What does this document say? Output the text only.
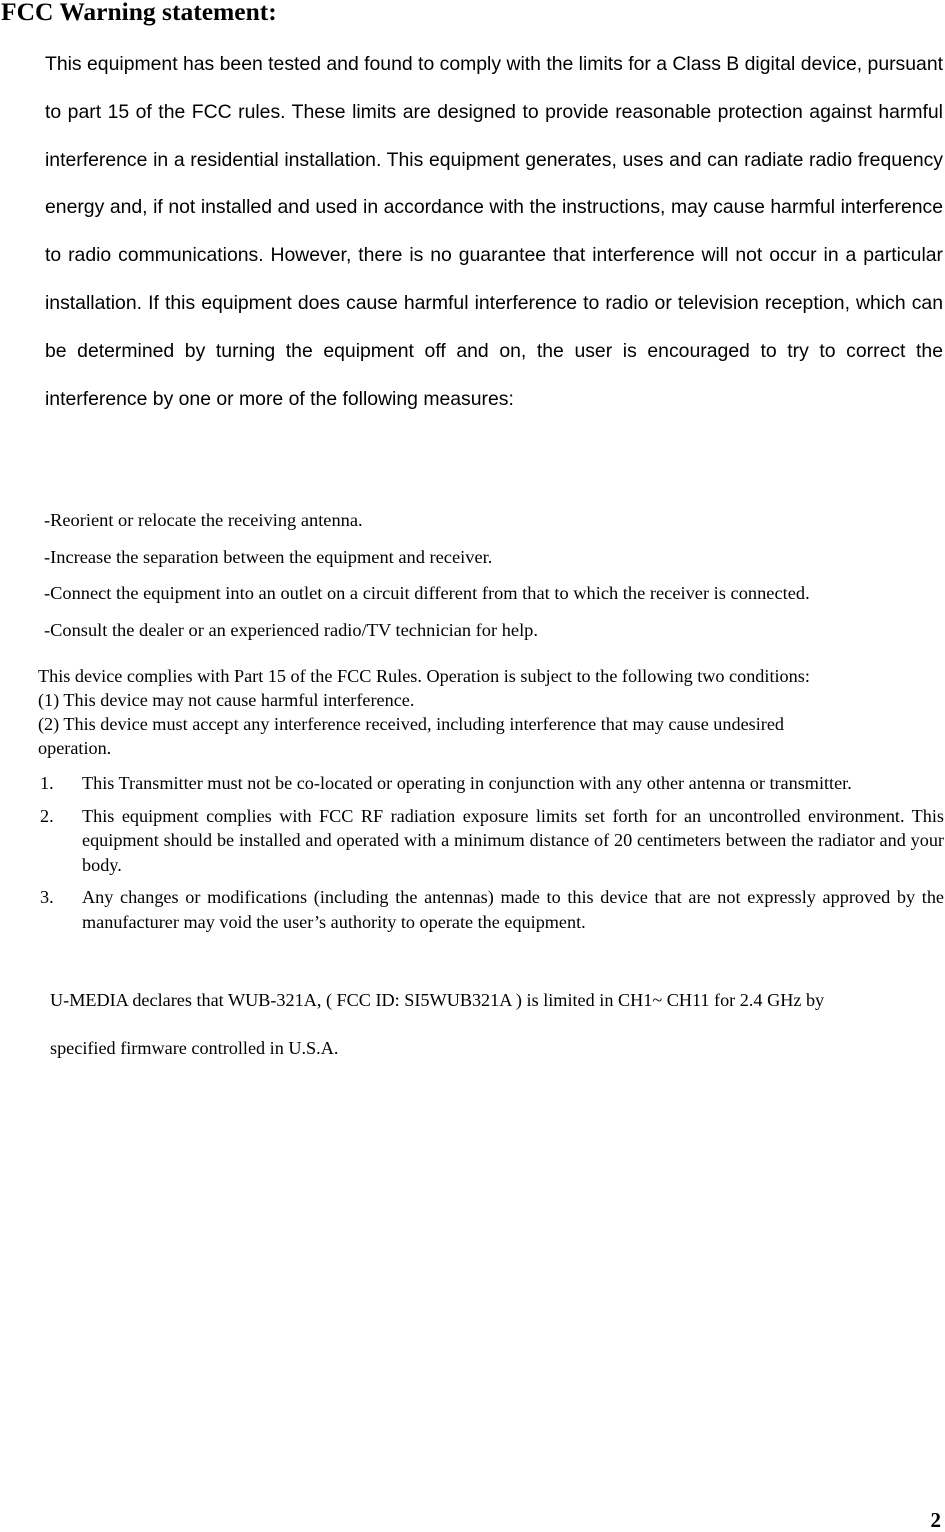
FCC Warning statement:

This equipment has been tested and found to comply with the limits for a Class B digital device, pursuant to part 15 of the FCC rules. These limits are designed to provide reasonable protection against harmful interference in a residential installation. This equipment generates, uses and can radiate radio frequency energy and, if not installed and used in accordance with the instructions, may cause harmful interference to radio communications. However, there is no guarantee that interference will not occur in a particular installation. If this equipment does cause harmful interference to radio or television reception, which can be determined by turning the equipment off and on, the user is encouraged to try to correct the interference by one or more of the following measures:

-Reorient or relocate the receiving antenna.
-Increase the separation between the equipment and receiver.
-Connect the equipment into an outlet on a circuit different from that to which the receiver is connected.
-Consult the dealer or an experienced radio/TV technician for help.
This device complies with Part 15 of the FCC Rules. Operation is subject to the following two conditions:
(1) This device may not cause harmful interference.
(2) This device must accept any interference received, including interference that may cause undesired
operation.
1.	This Transmitter must not be co-located or operating in conjunction with any other antenna or transmitter.
2.	This equipment complies with FCC RF radiation exposure limits set forth for an uncontrolled environment. This equipment should be installed and operated with a minimum distance of 20 centimeters between the radiator and your body.
3.	Any changes or modifications (including the antennas) made to this device that are not expressly approved by the manufacturer may void the user’s authority to operate the equipment.
U-MEDIA declares that WUB-321A, ( FCC ID: SI5WUB321A ) is limited in CH1~ CH11 for 2.4 GHz by
specified firmware controlled in U.S.A.
2
